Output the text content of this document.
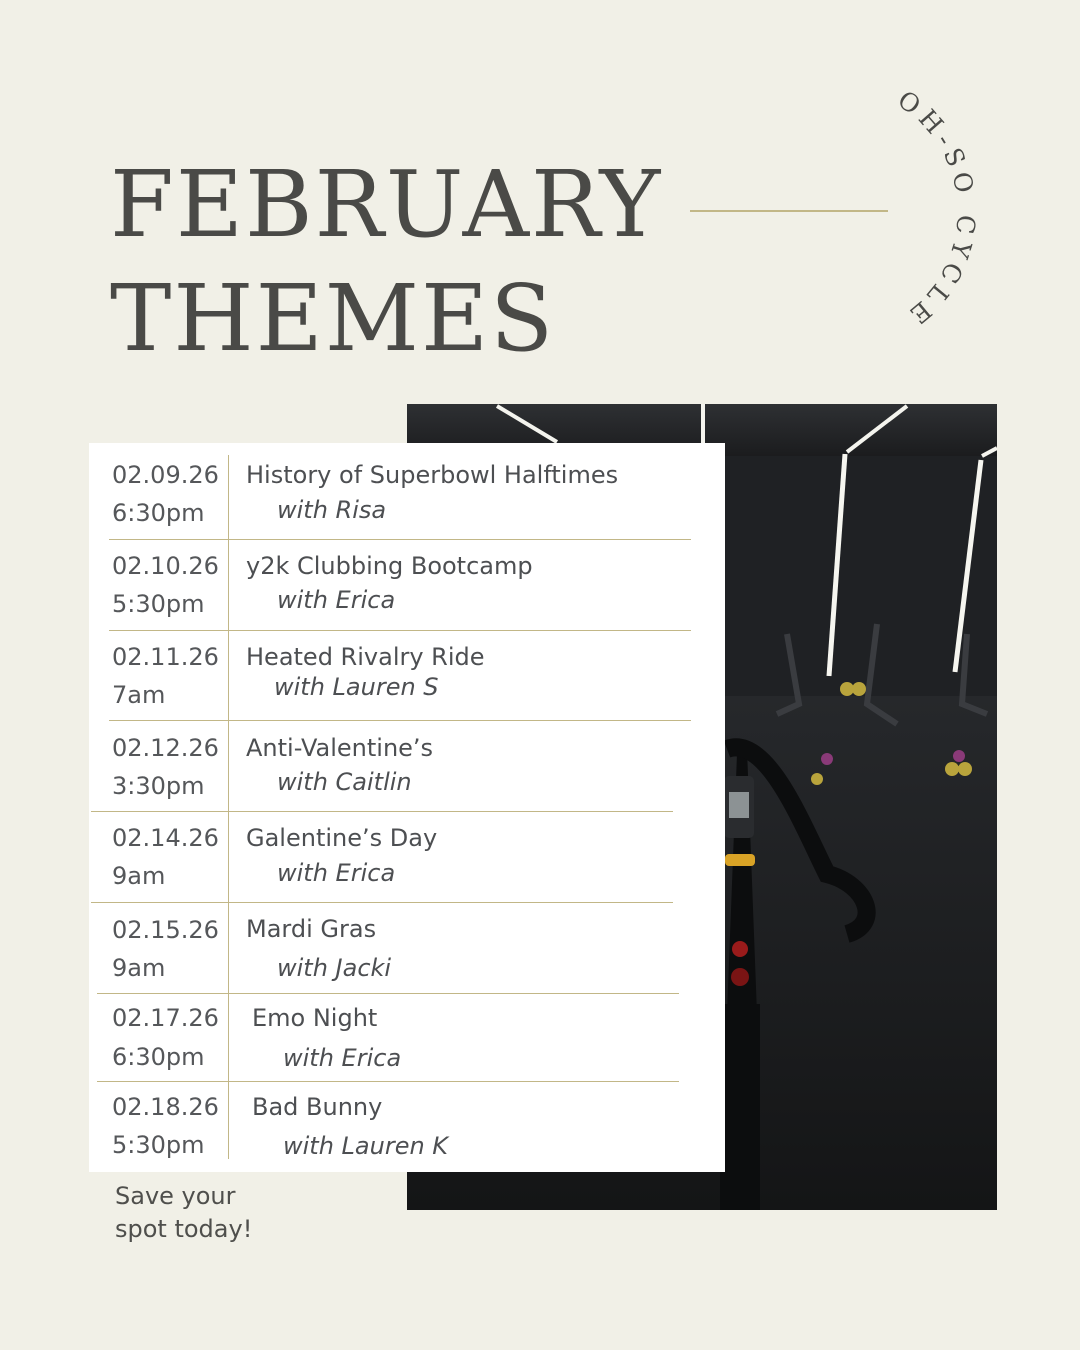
FEBRUARY
THEMES
OH-SO CYCLE
02.09.26
6:30pm
History of Superbowl Halftimes
with Risa
02.10.26
5:30pm
y2k Clubbing Bootcamp
with Erica
02.11.26
7am
Heated Rivalry Ride
with Lauren S
02.12.26
3:30pm
Anti-Valentine’s
with Caitlin
02.14.26
9am
Galentine’s Day
with Erica
02.15.26
9am
Mardi Gras
with Jacki
02.17.26
6:30pm
Emo Night
with Erica
02.18.26
5:30pm
Bad Bunny
with Lauren K

Save your
spot today!
